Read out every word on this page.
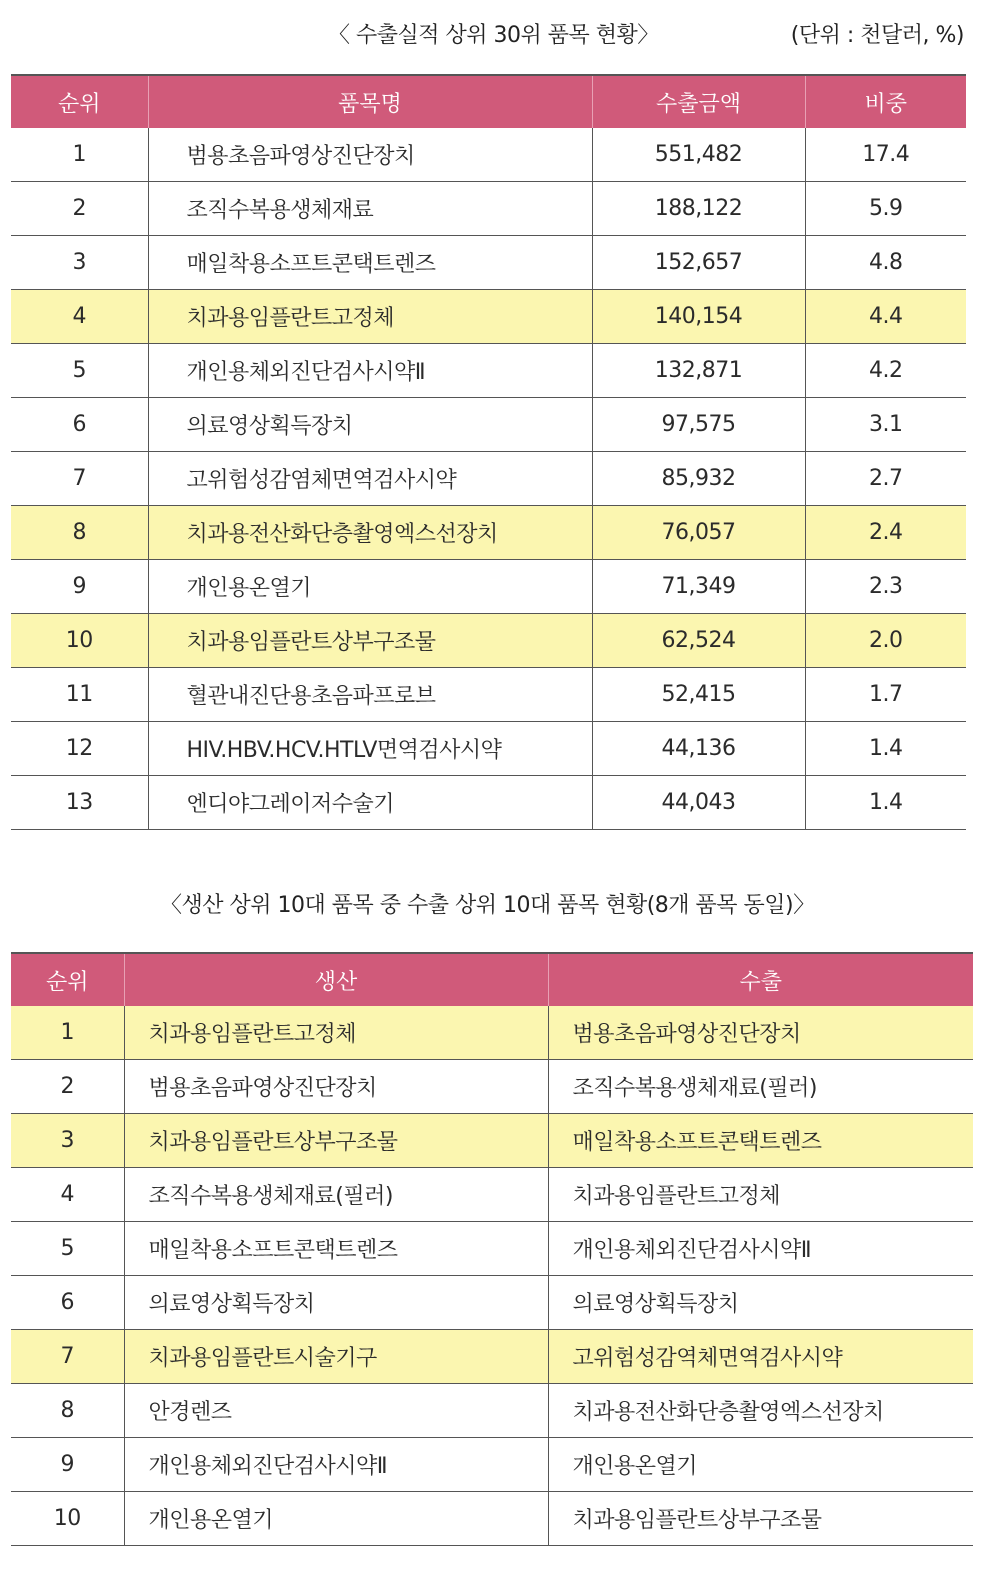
〈 수출실적 상위 30위 품목 현황〉	(단위 : 천달러, %)
순위	품목명	수출금액	비중
1	범용초음파영상진단장치	551,482	17.4
2	조직수복용생체재료	188,122	5.9
3	매일착용소프트콘택트렌즈	152,657	4.8
4	치과용임플란트고정체	140,154	4.4
5	개인용체외진단검사시약Ⅱ	132,871	4.2
6	의료영상획득장치	97,575	3.1
7	고위험성감염체면역검사시약	85,932	2.7
8	치과용전산화단층촬영엑스선장치	76,057	2.4
9	개인용온열기	71,349	2.3
10	치과용임플란트상부구조물	62,524	2.0
11	혈관내진단용초음파프로브	52,415	1.7
12	HIV.HBV.HCV.HTLV면역검사시약	44,136	1.4
13	엔디야그레이저수술기	44,043	1.4
〈생산 상위 10대 품목 중 수출 상위 10대 품목 현황(8개 품목 동일)〉
순위	생산	수출
1	치과용임플란트고정체	범용초음파영상진단장치
2	범용초음파영상진단장치	조직수복용생체재료(필러)
3	치과용임플란트상부구조물	매일착용소프트콘택트렌즈
4	조직수복용생체재료(필러)	치과용임플란트고정체
5	매일착용소프트콘택트렌즈	개인용체외진단검사시약Ⅱ
6	의료영상획득장치	의료영상획득장치
7	치과용임플란트시술기구	고위험성감역체면역검사시약
8	안경렌즈	치과용전산화단층촬영엑스선장치
9	개인용체외진단검사시약Ⅱ	개인용온열기
10	개인용온열기	치과용임플란트상부구조물
